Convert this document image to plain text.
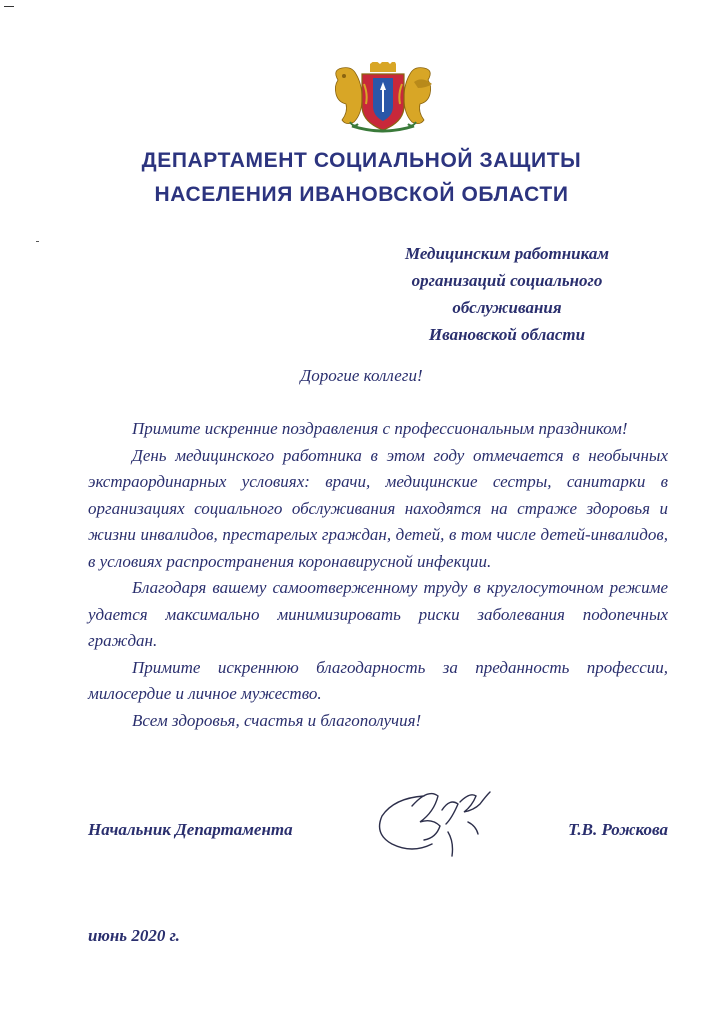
ДЕПАРТАМЕНТ СОЦИАЛЬНОЙ ЗАЩИТЫ
НАСЕЛЕНИЯ ИВАНОВСКОЙ ОБЛАСТИ
Медицинским работникам
организаций социального
обслуживания
Ивановской области
Дорогие коллеги!

Примите искренние поздравления с профессиональным праздником!

День медицинского работника в этом году отмечается в необычных экстраординарных условиях: врачи, медицинские сестры, санитарки в организациях социального обслуживания находятся на страже здоровья и жизни инвалидов, престарелых граждан, детей, в том числе детей-инвалидов, в условиях распространения коронавирусной инфекции.

Благодаря вашему самоотверженному труду в круглосуточном режиме удается максимально минимизировать риски заболевания подопечных граждан.

Примите искреннюю благодарность за преданность профессии, милосердие и личное мужество.

Всем здоровья, счастья и благополучия!

Начальник Департамента	Т.В. Рожкова
июнь 2020 г.
